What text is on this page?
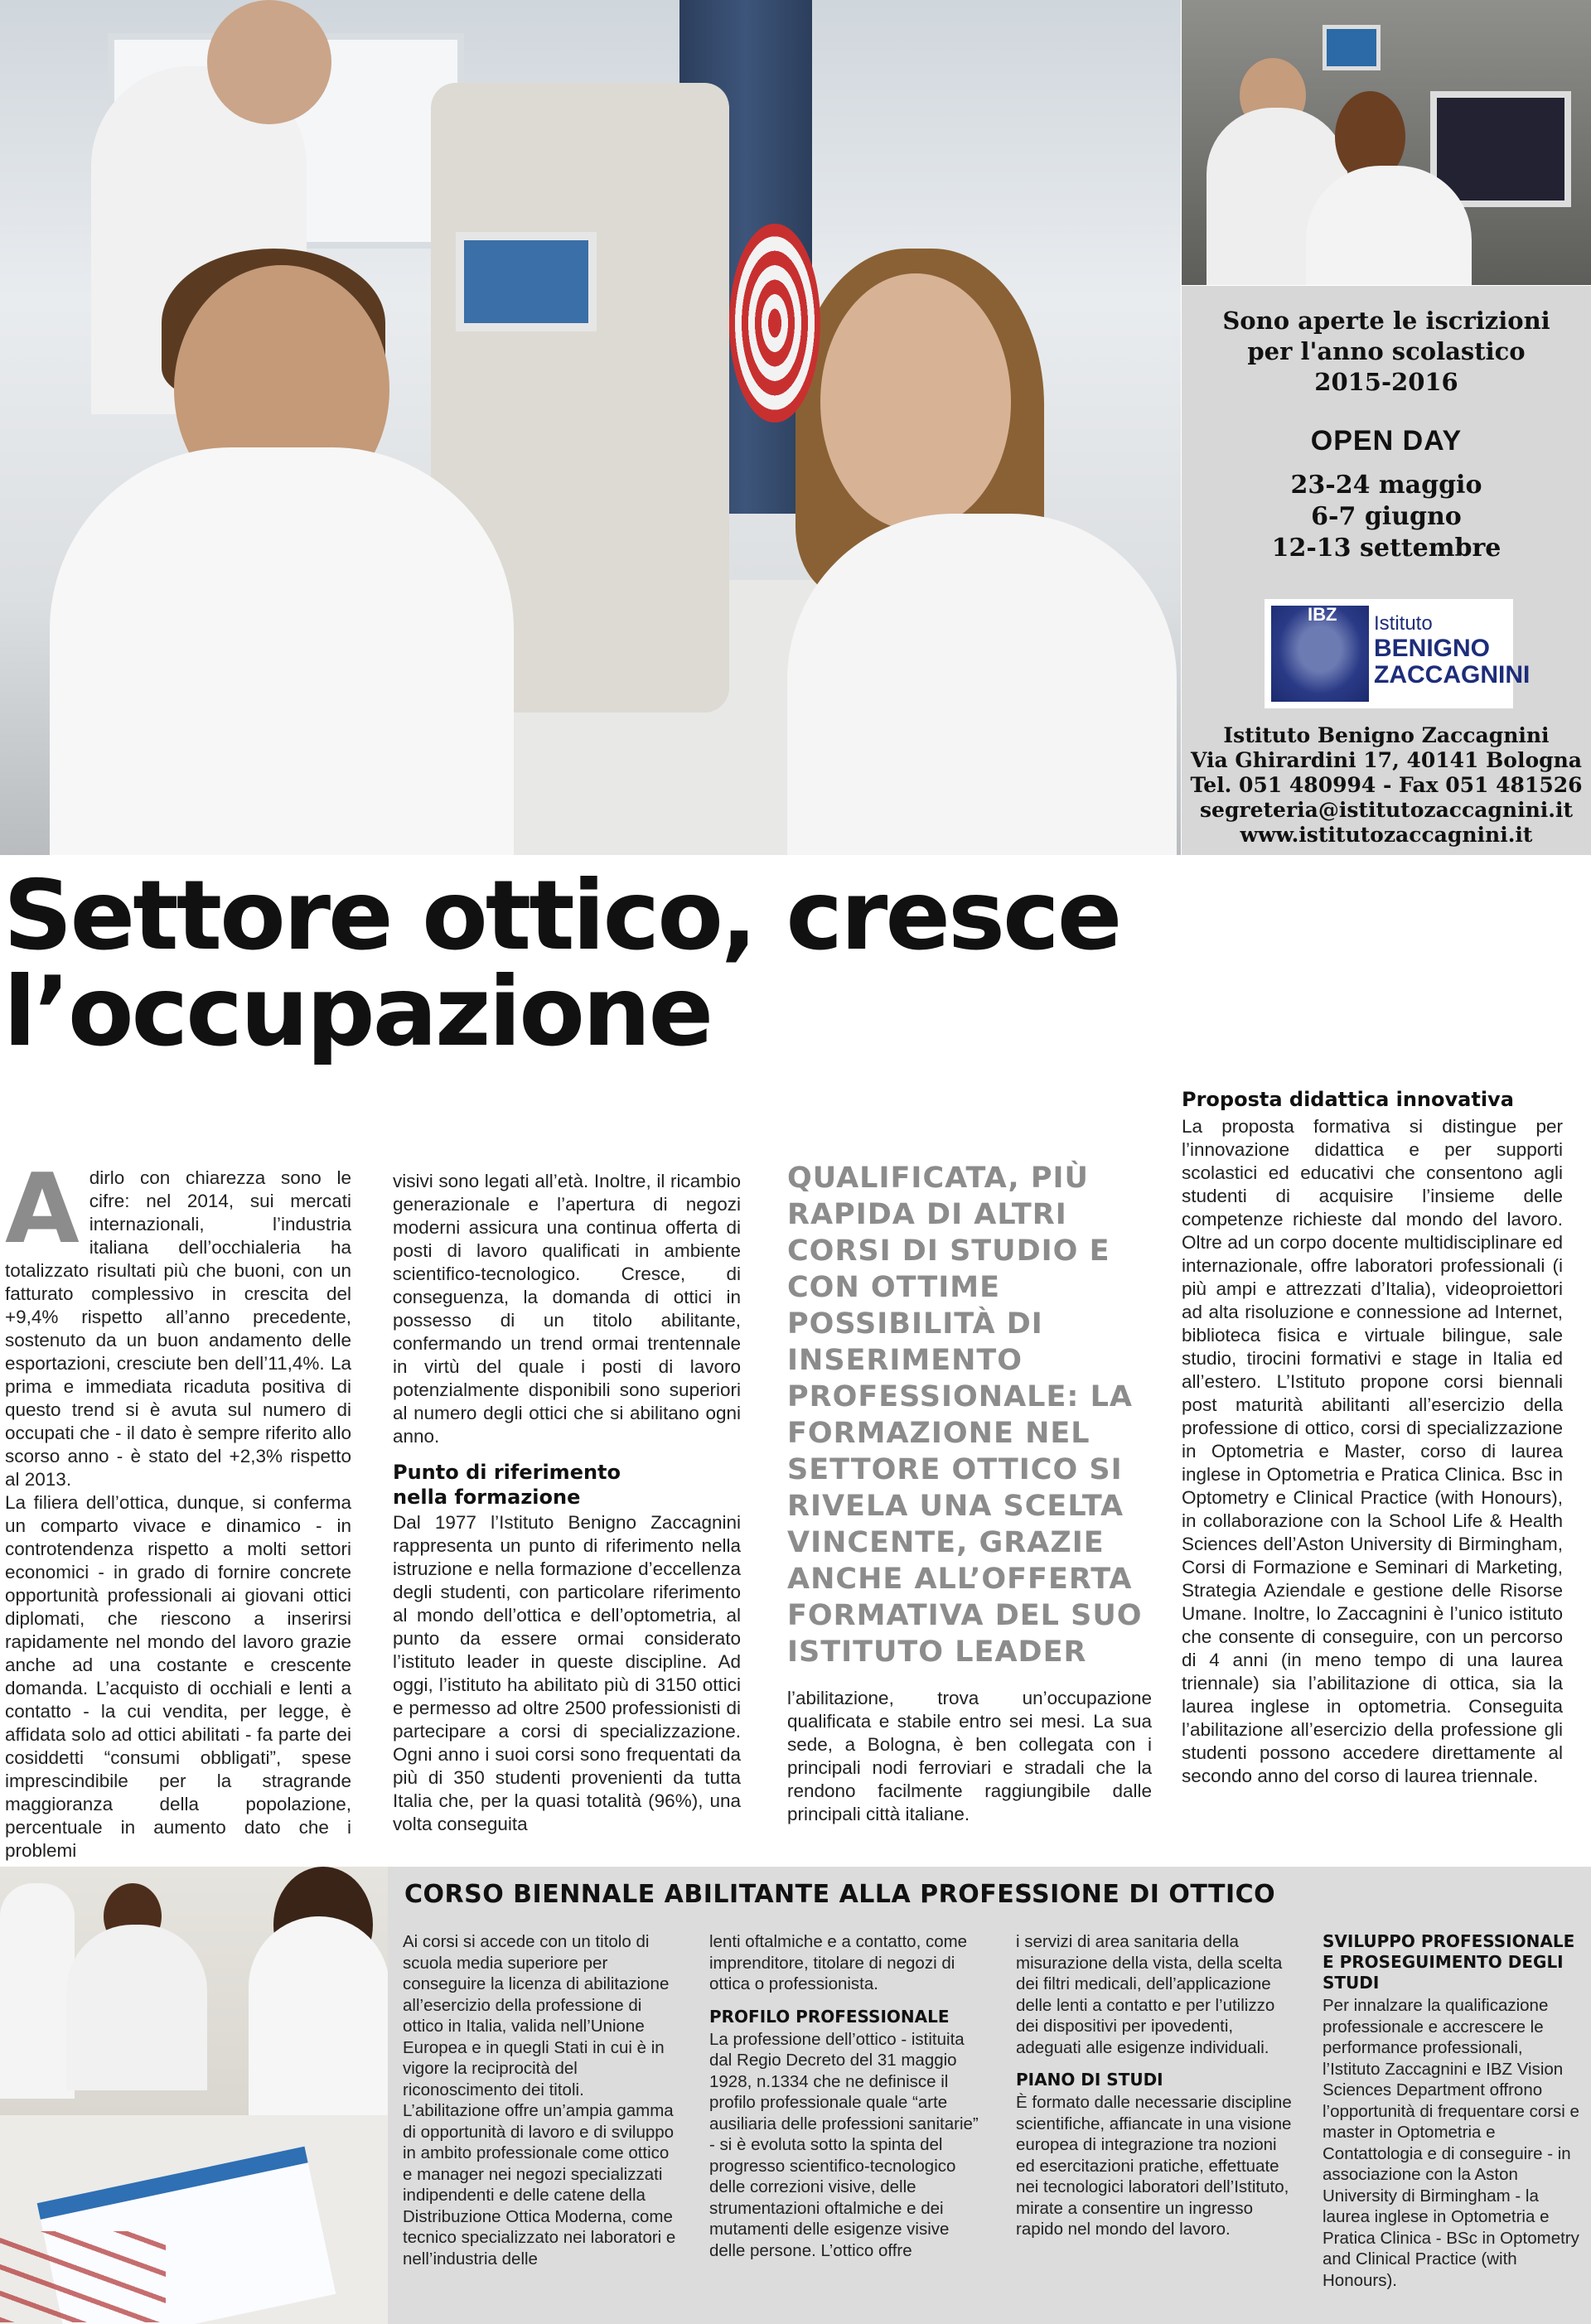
Sono aperte le iscrizioni
per l'anno scolastico
2015-2016
OPEN DAY
23-24 maggio
6-7 giugno
12-13 settembre
IBZ Istituto
BENIGNO
ZACCAGNINI
Istituto Benigno Zaccagnini
Via Ghirardini 17, 40141 Bologna
Tel. 051 480994 - Fax 051 481526
segreteria@istitutozaccagnini.it
www.istitutozaccagnini.it
Settore ottico, cresce
l’occupazione
A dirlo con chiarezza sono le cifre: nel 2014, sui mercati internazionali, l’industria italiana dell’occhialeria ha totalizzato risultati più che buoni, con un fatturato complessivo in crescita del +9,4% rispetto all’anno precedente, sostenuto da un buon andamento delle esportazioni, cresciute ben dell’11,4%. La prima e immediata ricaduta positiva di questo trend si è avuta sul numero di occupati che - il dato è sempre riferito allo scorso anno - è stato del +2,3% rispetto al 2013.

La filiera dell’ottica, dunque, si conferma un comparto vivace e dinamico - in controtendenza rispetto a molti settori economici - in grado di fornire concrete opportunità professionali ai giovani ottici diplomati, che riescono a inserirsi rapidamente nel mondo del lavoro grazie anche ad una costante e crescente domanda. L’acquisto di occhiali e lenti a contatto - la cui vendita, per legge, è affidata solo ad ottici abilitati - fa parte dei cosiddetti “consumi obbligati”, spese imprescindibile per la stragrande maggioranza della popolazione, percentuale in aumento dato che i problemi

visivi sono legati all’età. Inoltre, il ricambio generazionale e l’apertura di negozi moderni assicura una continua offerta di posti di lavoro qualificati in ambiente scientifico-tecnologico. Cresce, di conseguenza, la domanda di ottici in possesso di un titolo abilitante, confermando un trend ormai trentennale in virtù del quale i posti di lavoro potenzialmente disponibili sono superiori al numero degli ottici che si abilitano ogni anno.

Punto di riferimento
nella formazione

Dal 1977 l’Istituto Benigno Zaccagnini rappresenta un punto di riferimento nella istruzione e nella formazione d’eccellenza degli studenti, con particolare riferimento al mondo dell’ottica e dell’optometria, al punto da essere ormai considerato l’istituto leader in queste discipline. Ad oggi, l’istituto ha abilitato più di 3150 ottici e permesso ad oltre 2500 professionisti di partecipare a corsi di specializzazione. Ogni anno i suoi corsi sono frequentati da più di 350 studenti provenienti da tutta Italia che, per la quasi totalità (96%), una volta conseguita

QUALIFICATA, PIÙ RAPIDA DI ALTRI CORSI DI STUDIO E CON OTTIME POSSIBILITÀ DI INSERIMENTO PROFESSIONALE: LA FORMAZIONE NEL SETTORE OTTICO SI RIVELA UNA SCELTA VINCENTE, GRAZIE ANCHE ALL’OFFERTA FORMATIVA DEL SUO ISTITUTO LEADER

l’abilitazione, trova un’occupazione qualificata e stabile entro sei mesi. La sua sede, a Bologna, è ben collegata con i principali nodi ferroviari e stradali che la rendono facilmente raggiungibile dalle principali città italiane.

Proposta didattica innovativa

La proposta formativa si distingue per l’innovazione didattica e per supporti scolastici ed educativi che consentono agli studenti di acquisire l’insieme delle competenze richieste dal mondo del lavoro. Oltre ad un corpo docente multidisciplinare ed internazionale, offre laboratori professionali (i più ampi e attrezzati d’Italia), videoproiettori ad alta risoluzione e connessione ad Internet, biblioteca fisica e virtuale bilingue, sale studio, tirocini formativi e stage in Italia ed all’estero. L’Istituto propone corsi biennali post maturità abilitanti all’esercizio della professione di ottico, corsi di specializzazione in Optometria e Master, corso di laurea inglese in Optometria e Pratica Clinica. Bsc in Optometry e Clinical Practice (with Honours), in collaborazione con la School Life & Health Sciences dell’Aston University di Birmingham, Corsi di Formazione e Seminari di Marketing, Strategia Aziendale e gestione delle Risorse Umane. Inoltre, lo Zaccagnini è l’unico istituto che consente di conseguire, con un percorso di 4 anni (in meno tempo di una laurea triennale) sia l’abilitazione di ottica, sia la laurea inglese in optometria. Conseguita l’abilitazione all’esercizio della professione gli studenti possono accedere direttamente al secondo anno del corso di laurea triennale.

CORSO BIENNALE ABILITANTE ALLA PROFESSIONE DI OTTICO

Ai corsi si accede con un titolo di scuola media superiore per conseguire la licenza di abilitazione all’esercizio della professione di ottico in Italia, valida nell’Unione Europea e in quegli Stati in cui è in vigore la reciprocità del riconoscimento dei titoli. L’abilitazione offre un’ampia gamma di opportunità di lavoro e di sviluppo in ambito professionale come ottico e manager nei negozi specializzati indipendenti e delle catene della Distribuzione Ottica Moderna, come tecnico specializzato nei laboratori e nell’industria delle

lenti oftalmiche e a contatto, come imprenditore, titolare di negozi di ottica o professionista.

PROFILO PROFESSIONALE

La professione dell’ottico - istituita dal Regio Decreto del 31 maggio 1928, n.1334 che ne definisce il profilo professionale quale “arte ausiliaria delle professioni sanitarie” - si è evoluta sotto la spinta del progresso scientifico-tecnologico delle correzioni visive, delle strumentazioni oftalmiche e dei mutamenti delle esigenze visive delle persone. L’ottico offre

i servizi di area sanitaria della misurazione della vista, della scelta dei filtri medicali, dell’applicazione delle lenti a contatto e per l’utilizzo dei dispositivi per ipovedenti, adeguati alle esigenze individuali.

PIANO DI STUDI

È formato dalle necessarie discipline scientifiche, affiancate in una visione europea di integrazione tra nozioni ed esercitazioni pratiche, effettuate nei tecnologici laboratori dell’Istituto, mirate a consentire un ingresso rapido nel mondo del lavoro.

SVILUPPO PROFESSIONALE E PROSEGUIMENTO DEGLI STUDI

Per innalzare la qualificazione professionale e accrescere le performance professionali, l’Istituto Zaccagnini e IBZ Vision Sciences Department offrono l’opportunità di frequentare corsi e master in Optometria e Contattologia e di conseguire - in associazione con la Aston University di Birmingham - la laurea inglese in Optometria e Pratica Clinica - BSc in Optometry and Clinical Practice (with Honours).
